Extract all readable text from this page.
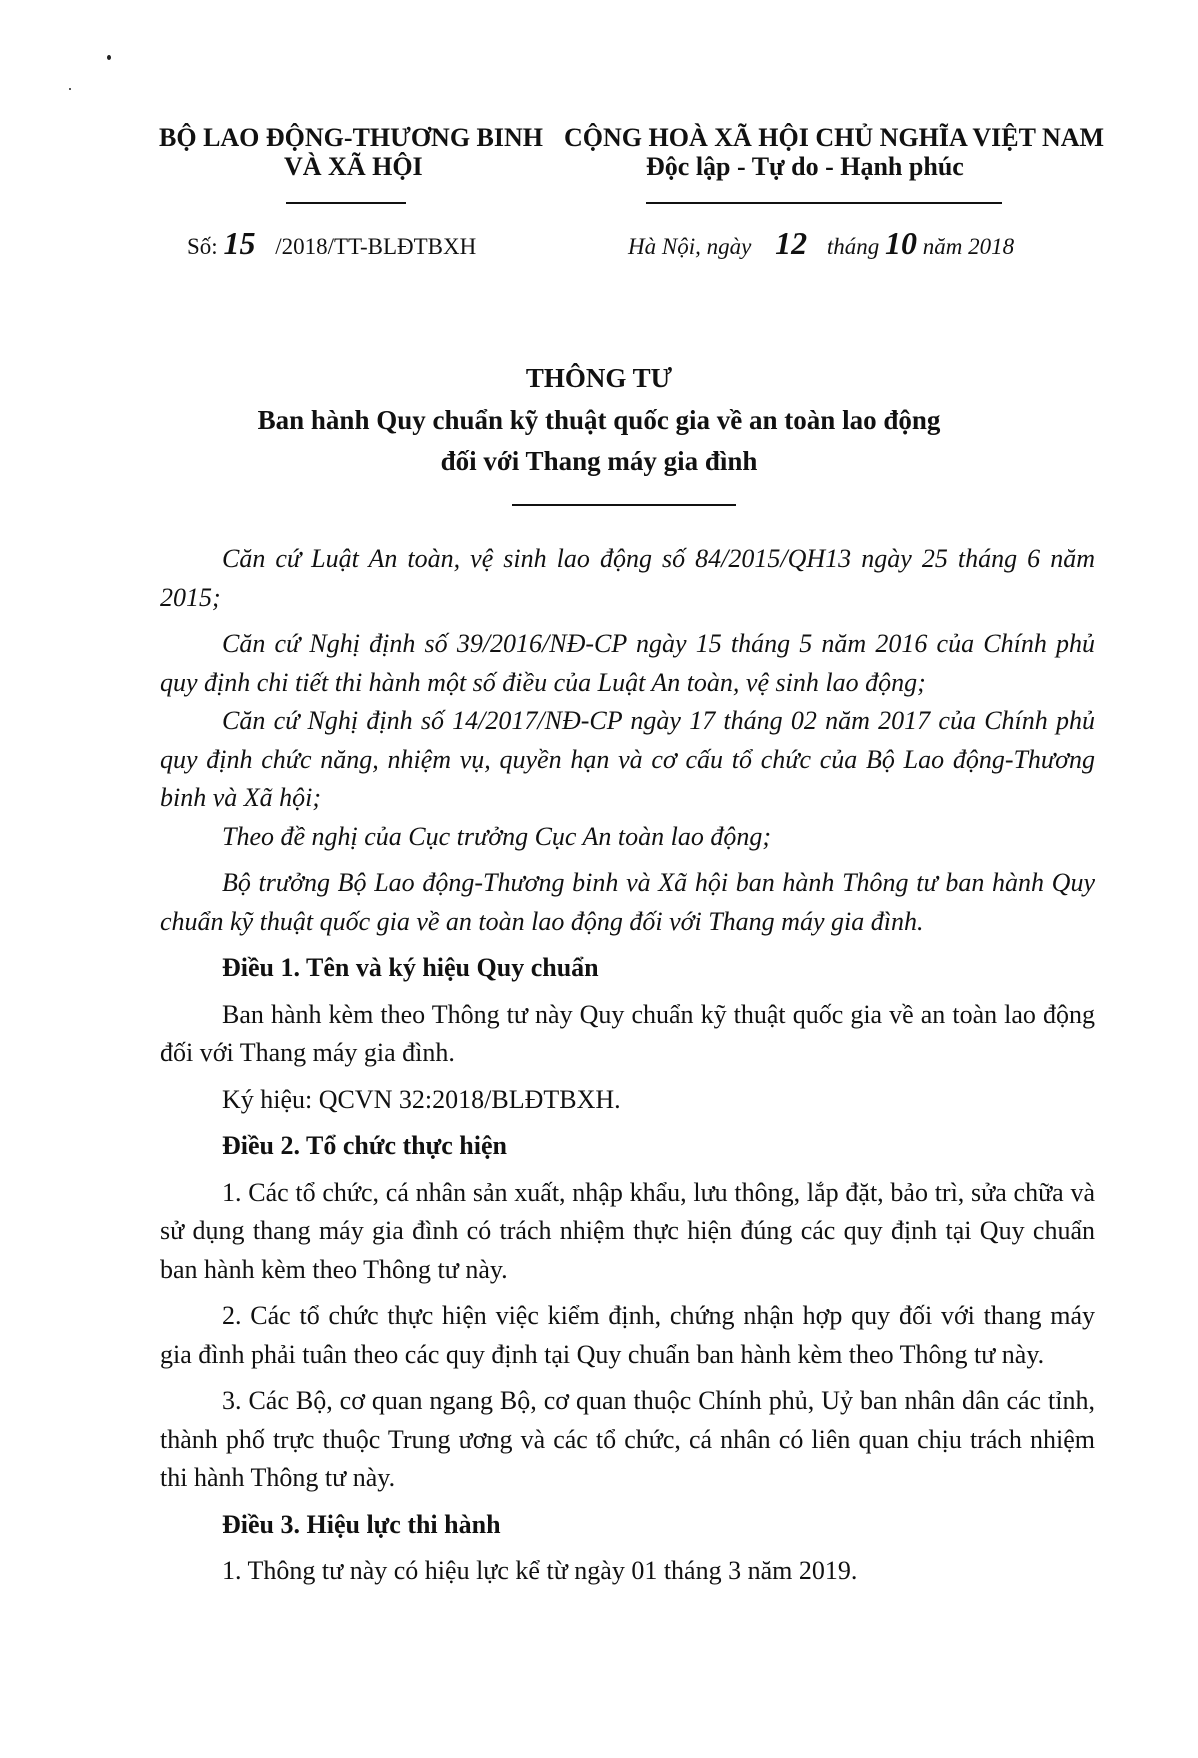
BỘ LAO ĐỘNG-THƯƠNG BINH
VÀ XÃ HỘI
CỘNG HOÀ XÃ HỘI CHỦ NGHĨA VIỆT NAM
Độc lập - Tự do - Hạnh phúc
Số: 15 /2018/TT-BLĐTBXH	Hà Nội, ngày 12 tháng 10 năm 2018
THÔNG TƯ
Ban hành Quy chuẩn kỹ thuật quốc gia về an toàn lao động
đối với Thang máy gia đình

Căn cứ Luật An toàn, vệ sinh lao động số 84/2015/QH13 ngày 25 tháng 6 năm 2015;

Căn cứ Nghị định số 39/2016/NĐ-CP ngày 15 tháng 5 năm 2016 của Chính phủ quy định chi tiết thi hành một số điều của Luật An toàn, vệ sinh lao động;

Căn cứ Nghị định số 14/2017/NĐ-CP ngày 17 tháng 02 năm 2017 của Chính phủ quy định chức năng, nhiệm vụ, quyền hạn và cơ cấu tổ chức của Bộ Lao động-Thương binh và Xã hội;

Theo đề nghị của Cục trưởng Cục An toàn lao động;

Bộ trưởng Bộ Lao động-Thương binh và Xã hội ban hành Thông tư ban hành Quy chuẩn kỹ thuật quốc gia về an toàn lao động đối với Thang máy gia đình.

Điều 1. Tên và ký hiệu Quy chuẩn

Ban hành kèm theo Thông tư này Quy chuẩn kỹ thuật quốc gia về an toàn lao động đối với Thang máy gia đình.

Ký hiệu: QCVN 32:2018/BLĐTBXH.

Điều 2. Tổ chức thực hiện

1. Các tổ chức, cá nhân sản xuất, nhập khẩu, lưu thông, lắp đặt, bảo trì, sửa chữa và sử dụng thang máy gia đình có trách nhiệm thực hiện đúng các quy định tại Quy chuẩn ban hành kèm theo Thông tư này.

2. Các tổ chức thực hiện việc kiểm định, chứng nhận hợp quy đối với thang máy gia đình phải tuân theo các quy định tại Quy chuẩn ban hành kèm theo Thông tư này.

3. Các Bộ, cơ quan ngang Bộ, cơ quan thuộc Chính phủ, Uỷ ban nhân dân các tỉnh, thành phố trực thuộc Trung ương và các tổ chức, cá nhân có liên quan chịu trách nhiệm thi hành Thông tư này.

Điều 3. Hiệu lực thi hành

1. Thông tư này có hiệu lực kể từ ngày 01 tháng 3 năm 2019.
